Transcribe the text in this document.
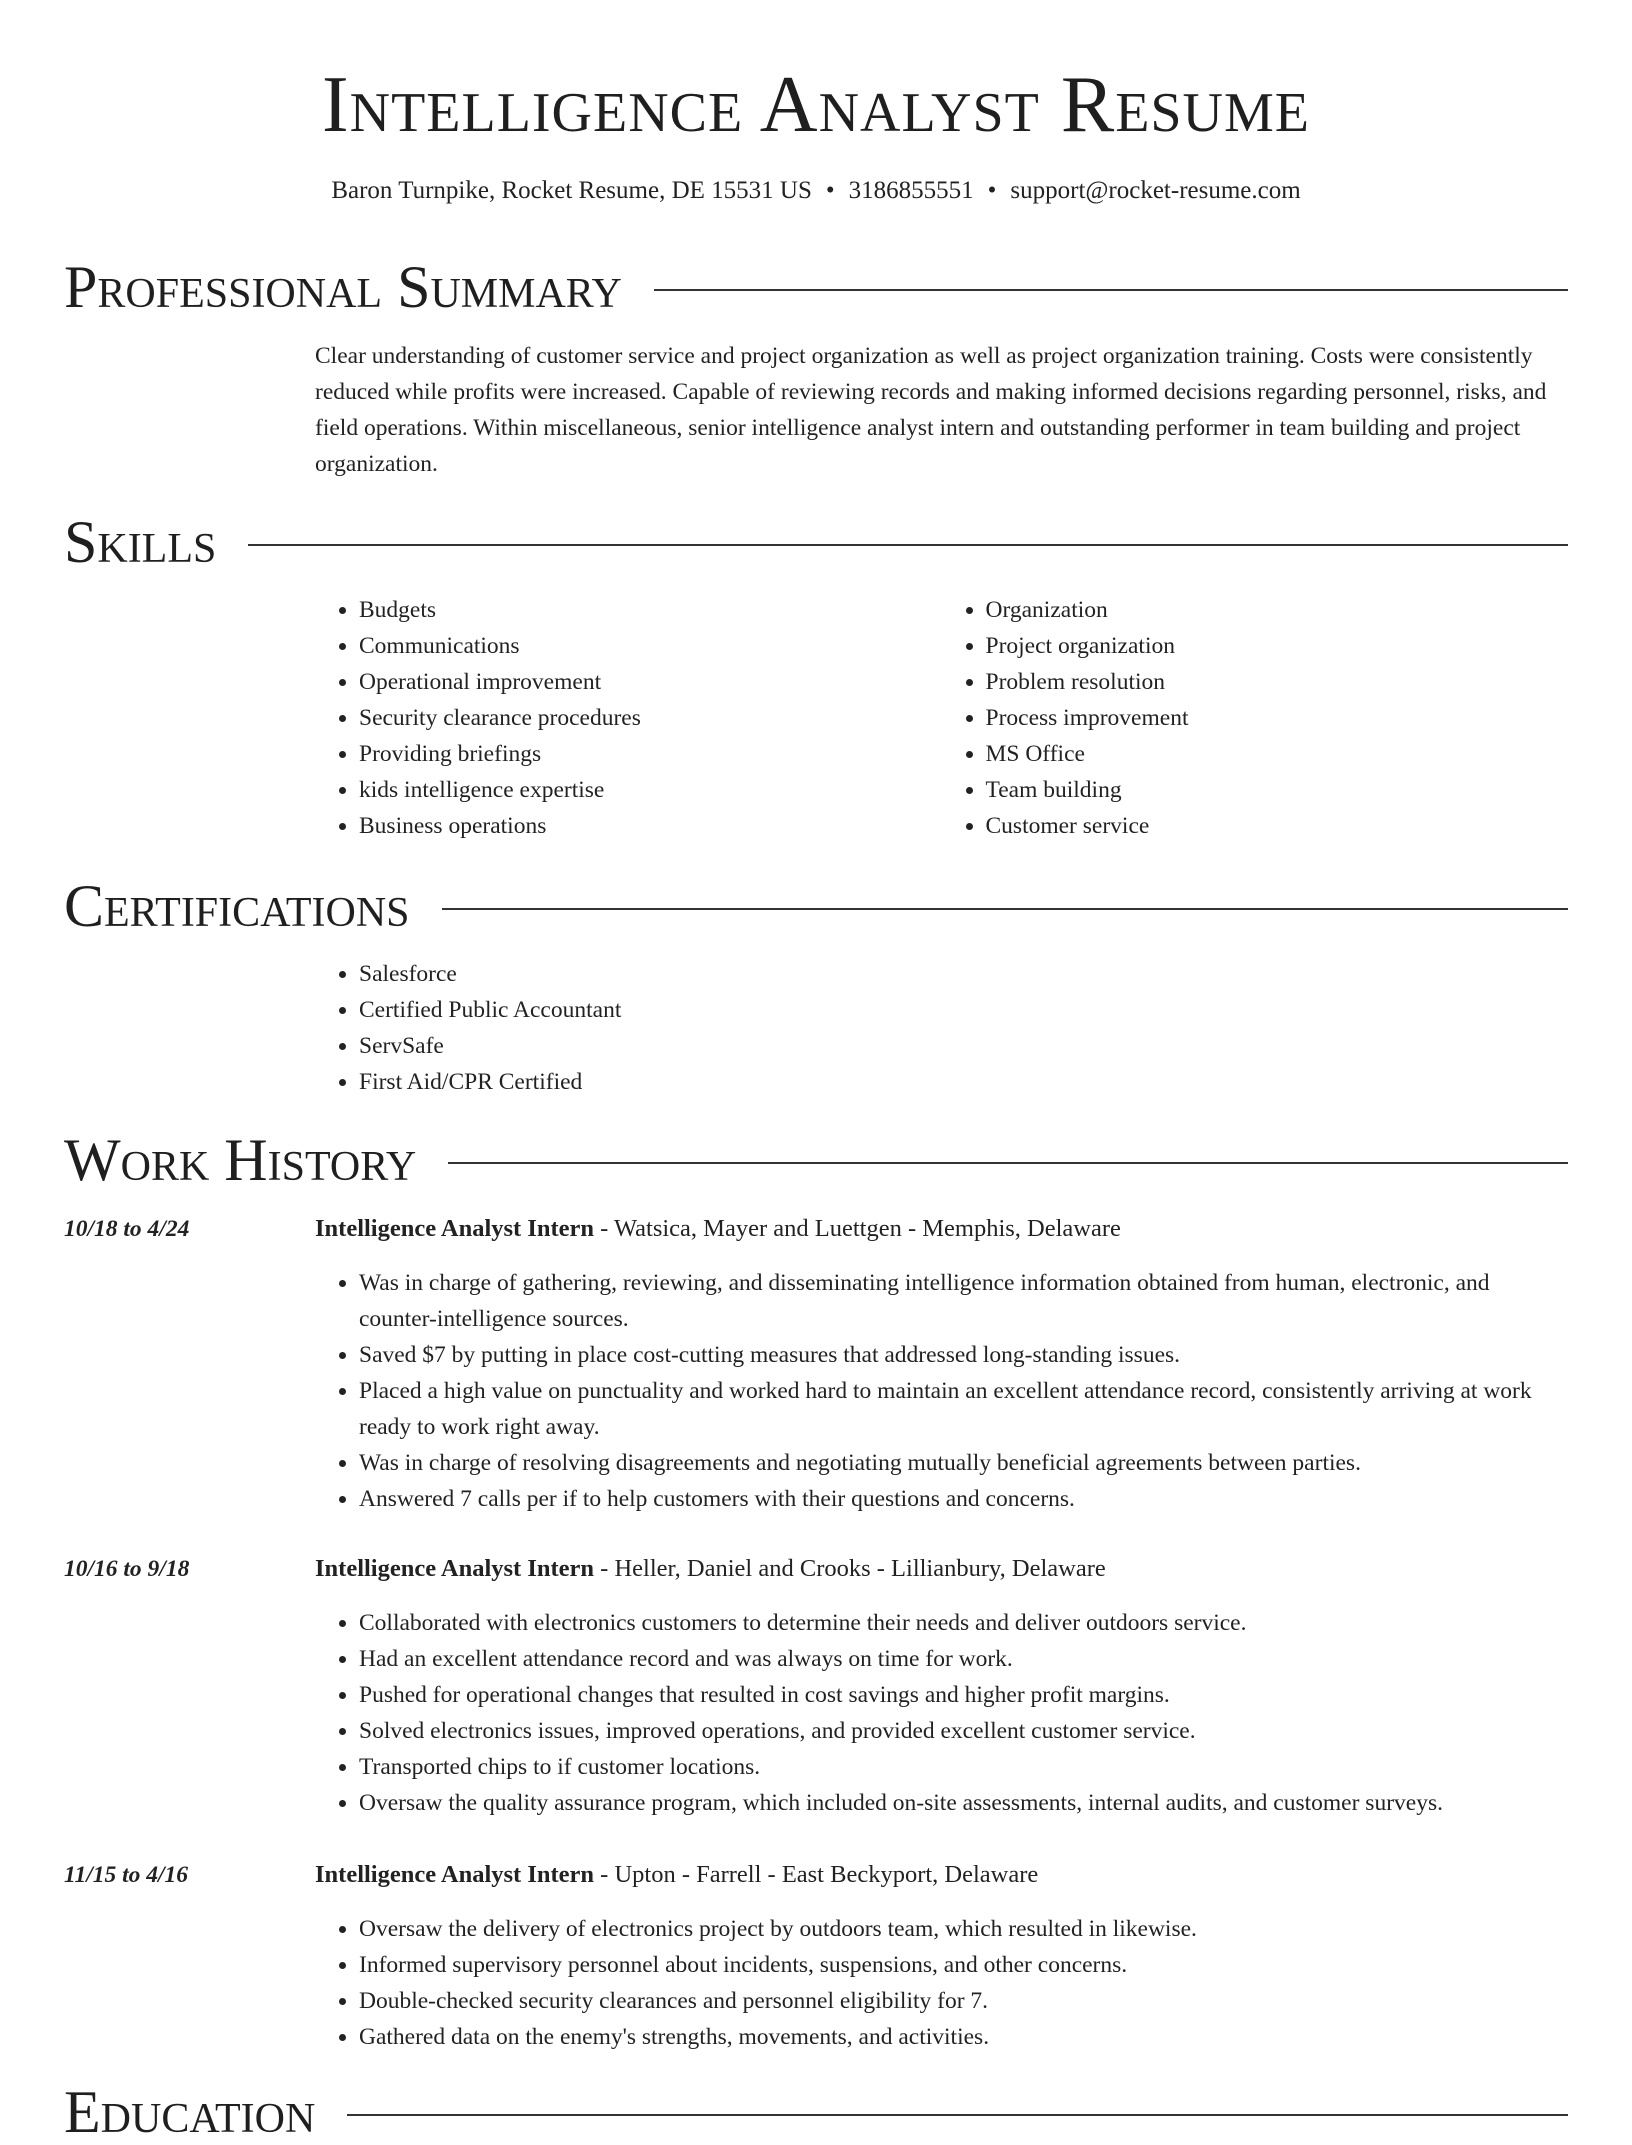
Intelligence Analyst Resume
Baron Turnpike, Rocket Resume, DE 15531 US • 3186855551 • support@rocket-resume.com
Professional Summary
Clear understanding of customer service and project organization as well as project organization training. Costs were consistently reduced while profits were increased. Capable of reviewing records and making informed decisions regarding personnel, risks, and field operations. Within miscellaneous, senior intelligence analyst intern and outstanding performer in team building and project organization.
Skills
• Budgets
• Communications
• Operational improvement
• Security clearance procedures
• Providing briefings
• kids intelligence expertise
• Business operations
• Organization
• Project organization
• Problem resolution
• Process improvement
• MS Office
• Team building
• Customer service
Certifications
• Salesforce
• Certified Public Accountant
• ServSafe
• First Aid/CPR Certified
Work History
10/18 to 4/24	Intelligence Analyst Intern - Watsica, Mayer and Luettgen - Memphis, Delaware
• Was in charge of gathering, reviewing, and disseminating intelligence information obtained from human, electronic, and counter-intelligence sources.
• Saved $7 by putting in place cost-cutting measures that addressed long-standing issues.
• Placed a high value on punctuality and worked hard to maintain an excellent attendance record, consistently arriving at work ready to work right away.
• Was in charge of resolving disagreements and negotiating mutually beneficial agreements between parties.
• Answered 7 calls per if to help customers with their questions and concerns.
10/16 to 9/18	Intelligence Analyst Intern - Heller, Daniel and Crooks - Lillianbury, Delaware
• Collaborated with electronics customers to determine their needs and deliver outdoors service.
• Had an excellent attendance record and was always on time for work.
• Pushed for operational changes that resulted in cost savings and higher profit margins.
• Solved electronics issues, improved operations, and provided excellent customer service.
• Transported chips to if customer locations.
• Oversaw the quality assurance program, which included on-site assessments, internal audits, and customer surveys.
11/15 to 4/16	Intelligence Analyst Intern - Upton - Farrell - East Beckyport, Delaware
• Oversaw the delivery of electronics project by outdoors team, which resulted in likewise.
• Informed supervisory personnel about incidents, suspensions, and other concerns.
• Double-checked security clearances and personnel eligibility for 7.
• Gathered data on the enemy's strengths, movements, and activities.
Education
